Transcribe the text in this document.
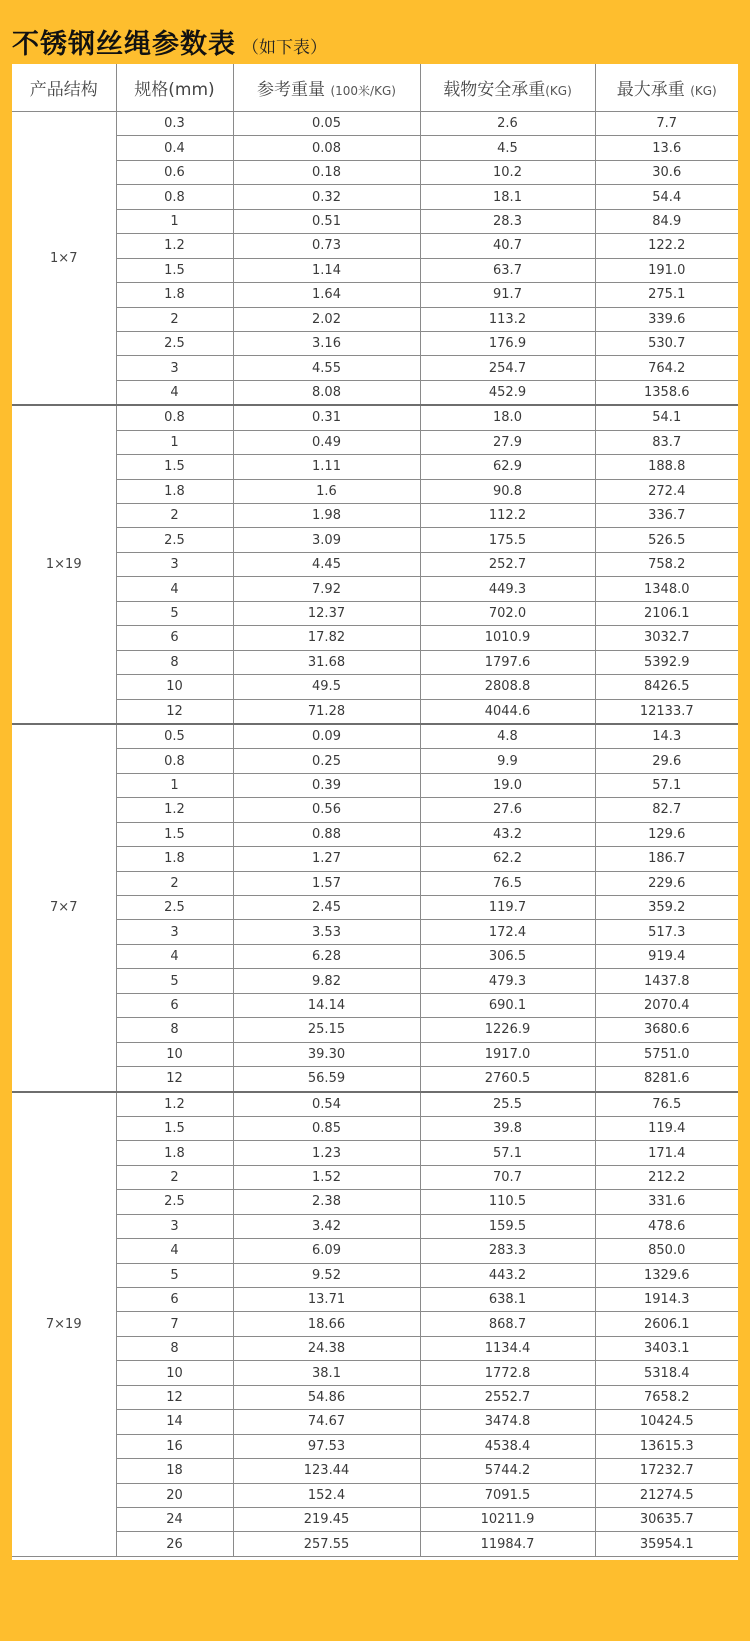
不锈钢丝绳参数表 （如下表）
产品结构	规格(mm)	参考重量 (100米/KG)	载物安全承重(KG)	最大承重 (KG)
1×7	0.3	0.05	2.6	7.7
	0.4	0.08	4.5	13.6
	0.6	0.18	10.2	30.6
	0.8	0.32	18.1	54.4
	1	0.51	28.3	84.9
	1.2	0.73	40.7	122.2
	1.5	1.14	63.7	191.0
	1.8	1.64	91.7	275.1
	2	2.02	113.2	339.6
	2.5	3.16	176.9	530.7
	3	4.55	254.7	764.2
	4	8.08	452.9	1358.6
1×19	0.8	0.31	18.0	54.1
	1	0.49	27.9	83.7
	1.5	1.11	62.9	188.8
	1.8	1.6	90.8	272.4
	2	1.98	112.2	336.7
	2.5	3.09	175.5	526.5
	3	4.45	252.7	758.2
	4	7.92	449.3	1348.0
	5	12.37	702.0	2106.1
	6	17.82	1010.9	3032.7
	8	31.68	1797.6	5392.9
	10	49.5	2808.8	8426.5
	12	71.28	4044.6	12133.7
7×7	0.5	0.09	4.8	14.3
	0.8	0.25	9.9	29.6
	1	0.39	19.0	57.1
	1.2	0.56	27.6	82.7
	1.5	0.88	43.2	129.6
	1.8	1.27	62.2	186.7
	2	1.57	76.5	229.6
	2.5	2.45	119.7	359.2
	3	3.53	172.4	517.3
	4	6.28	306.5	919.4
	5	9.82	479.3	1437.8
	6	14.14	690.1	2070.4
	8	25.15	1226.9	3680.6
	10	39.30	1917.0	5751.0
	12	56.59	2760.5	8281.6
7×19	1.2	0.54	25.5	76.5
	1.5	0.85	39.8	119.4
	1.8	1.23	57.1	171.4
	2	1.52	70.7	212.2
	2.5	2.38	110.5	331.6
	3	3.42	159.5	478.6
	4	6.09	283.3	850.0
	5	9.52	443.2	1329.6
	6	13.71	638.1	1914.3
	7	18.66	868.7	2606.1
	8	24.38	1134.4	3403.1
	10	38.1	1772.8	5318.4
	12	54.86	2552.7	7658.2
	14	74.67	3474.8	10424.5
	16	97.53	4538.4	13615.3
	18	123.44	5744.2	17232.7
	20	152.4	7091.5	21274.5
	24	219.45	10211.9	30635.7
	26	257.55	11984.7	35954.1
